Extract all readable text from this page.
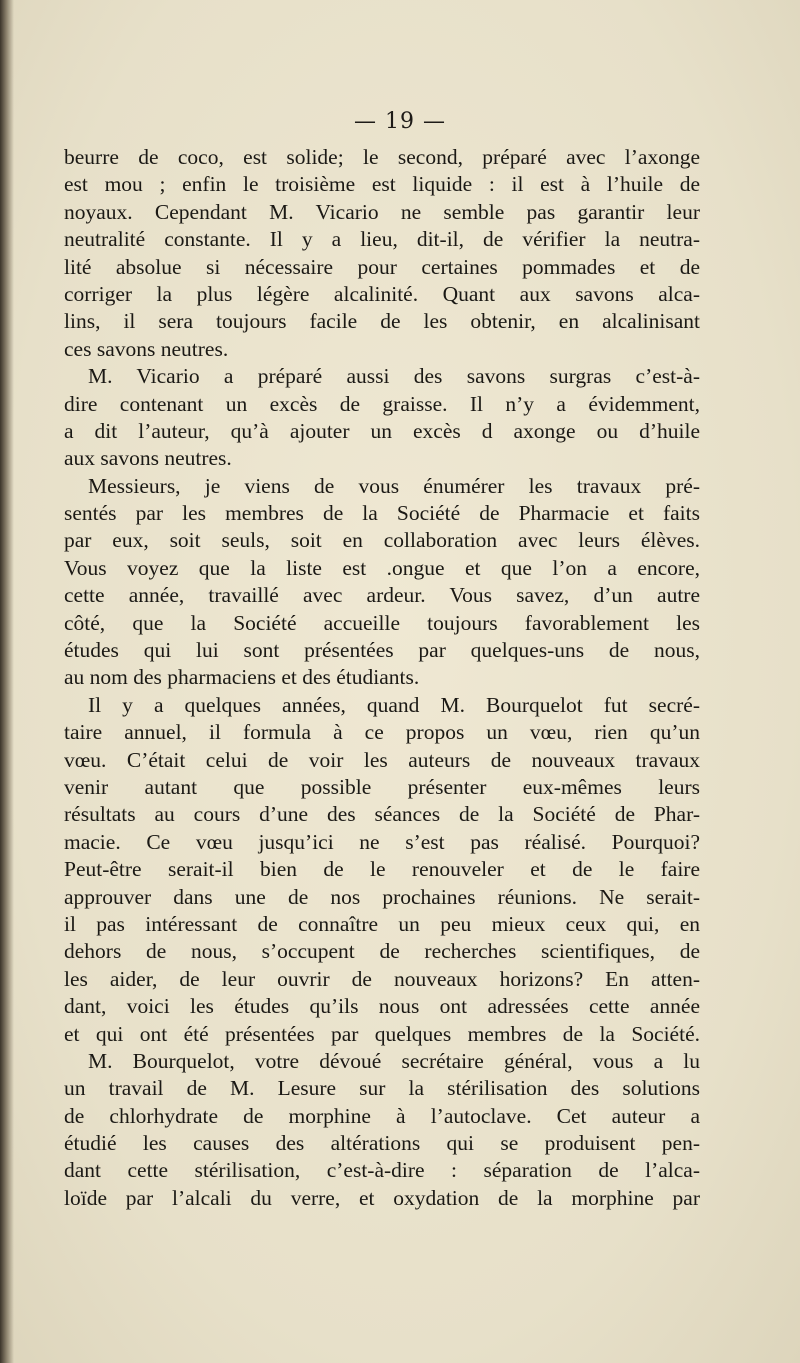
— 19 —
beurre de coco, est solide; le second, préparé avec l’axonge
est mou ; enfin le troisième est liquide : il est à l’huile de
noyaux. Cependant M. Vicario ne semble pas garantir leur
neutralité constante. Il y a lieu, dit-il, de vérifier la neutra-
lité absolue si nécessaire pour certaines pommades et de
corriger la plus légère alcalinité. Quant aux savons alca-
lins, il sera toujours facile de les obtenir, en alcalinisant
ces savons neutres.
M. Vicario a préparé aussi des savons surgras c’est-à-
dire contenant un excès de graisse. Il n’y a évidemment,
a dit l’auteur, qu’à ajouter un excès d axonge ou d’huile
aux savons neutres.
Messieurs, je viens de vous énumérer les travaux pré-
sentés par les membres de la Société de Pharmacie et faits
par eux, soit seuls, soit en collaboration avec leurs élèves.
Vous voyez que la liste est .ongue et que l’on a encore,
cette année, travaillé avec ardeur. Vous savez, d’un autre
côté, que la Société accueille toujours favorablement les
études qui lui sont présentées par quelques-uns de nous,
au nom des pharmaciens et des étudiants.
Il y a quelques années, quand M. Bourquelot fut secré-
taire annuel, il formula à ce propos un vœu, rien qu’un
vœu. C’était celui de voir les auteurs de nouveaux travaux
venir autant que possible présenter eux-mêmes leurs
résultats au cours d’une des séances de la Société de Phar-
macie. Ce vœu jusqu’ici ne s’est pas réalisé. Pourquoi?
Peut-être serait-il bien de le renouveler et de le faire
approuver dans une de nos prochaines réunions. Ne serait-
il pas intéressant de connaître un peu mieux ceux qui, en
dehors de nous, s’occupent de recherches scientifiques, de
les aider, de leur ouvrir de nouveaux horizons? En atten-
dant, voici les études qu’ils nous ont adressées cette année
et qui ont été présentées par quelques membres de la Société.
M. Bourquelot, votre dévoué secrétaire général, vous a lu
un travail de M. Lesure sur la stérilisation des solutions
de chlorhydrate de morphine à l’autoclave. Cet auteur a
étudié les causes des altérations qui se produisent pen-
dant cette stérilisation, c’est-à-dire : séparation de l’alca-
loïde par l’alcali du verre, et oxydation de la morphine par
